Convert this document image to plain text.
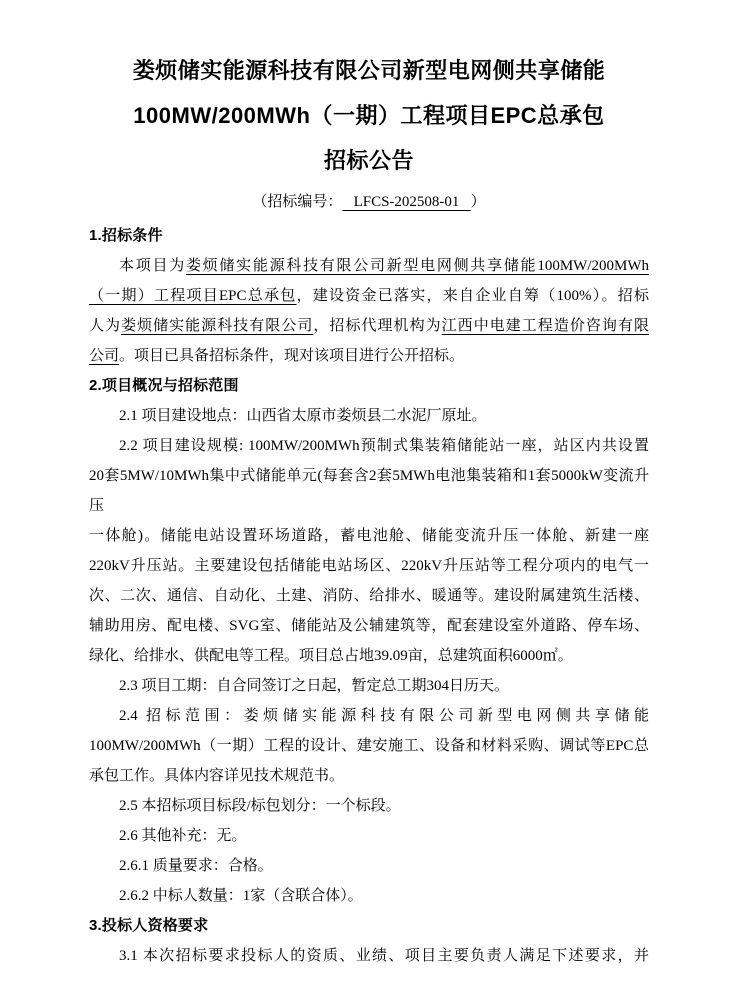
娄烦储实能源科技有限公司新型电网侧共享储能
100MW/200MWh（一期）工程项目EPC总承包
招标公告
（招标编号：   LFCS-202508-01   ）
1.招标条件
本项目为娄烦储实能源科技有限公司新型电网侧共享储能100MW/200MWh
（一期）工程项目EPC总承包，建设资金已落实，来自企业自筹（100%）。招标
人为娄烦储实能源科技有限公司，招标代理机构为江西中电建工程造价咨询有限
公司。项目已具备招标条件，现对该项目进行公开招标。
2.项目概况与招标范围
2.1 项目建设地点：山西省太原市娄烦县二水泥厂原址。
2.2 项目建设规模: 100MW/200MWh预制式集装箱储能站一座，站区内共设置
20套5MW/10MWh集中式储能单元(每套含2套5MWh电池集装箱和1套5000kW变流升压
一体舱)。储能电站设置环场道路，蓄电池舱、储能变流升压一体舱、新建一座
220kV升压站。主要建设包括储能电站场区、220kV升压站等工程分项内的电气一
次、二次、通信、自动化、土建、消防、给排水、暖通等。建设附属建筑生活楼、
辅助用房、配电楼、SVG室、储能站及公辅建筑等，配套建设室外道路、停车场、
绿化、给排水、供配电等工程。项目总占地39.09亩，总建筑面积6000㎡。
2.3 项目工期：自合同签订之日起，暂定总工期304日历天。
2.4 招标范围：娄烦储实能源科技有限公司新型电网侧共享储能
100MW/200MWh（一期）工程的设计、建安施工、设备和材料采购、调试等EPC总
承包工作。具体内容详见技术规范书。
2.5 本招标项目标段/标包划分：一个标段。
2.6 其他补充：无。
2.6.1 质量要求：合格。
2.6.2 中标人数量：1家（含联合体）。
3.投标人资格要求
3.1 本次招标要求投标人的资质、业绩、项目主要负责人满足下述要求，并
